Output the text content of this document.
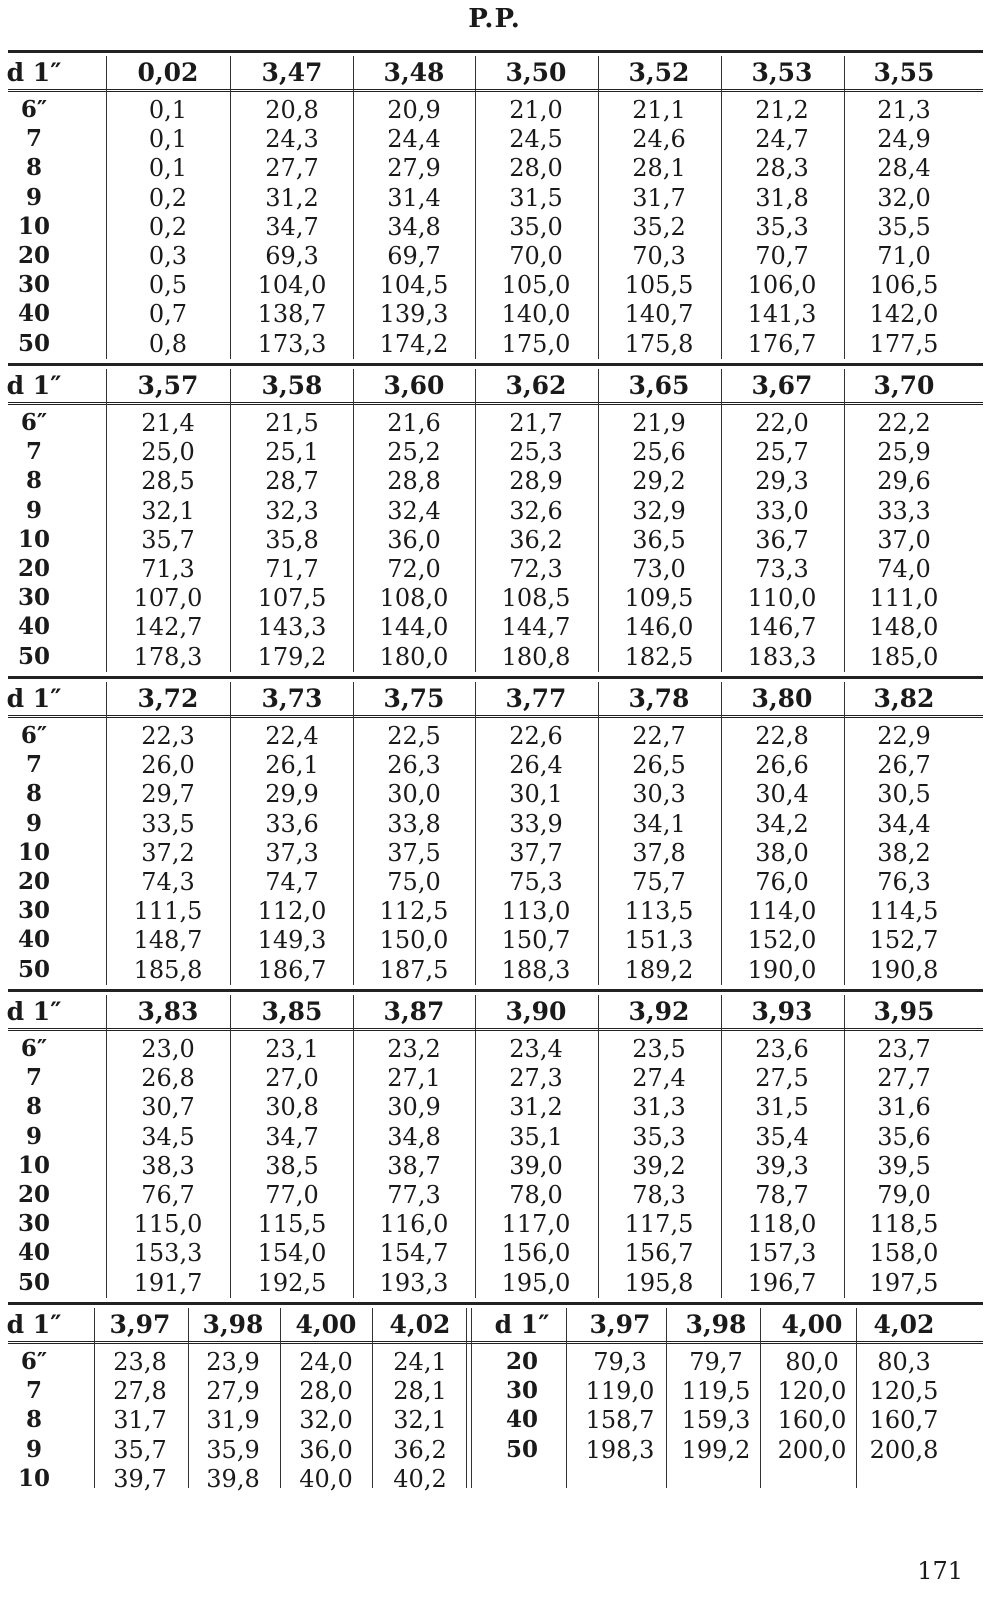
P.P.
d 1″	0,02	3,47	3,48	3,50	3,52	3,53	3,55
6″	0,1	20,8	20,9	21,0	21,1	21,2	21,3
7	0,1	24,3	24,4	24,5	24,6	24,7	24,9
8	0,1	27,7	27,9	28,0	28,1	28,3	28,4
9	0,2	31,2	31,4	31,5	31,7	31,8	32,0
10	0,2	34,7	34,8	35,0	35,2	35,3	35,5
20	0,3	69,3	69,7	70,0	70,3	70,7	71,0
30	0,5	104,0	104,5	105,0	105,5	106,0	106,5
40	0,7	138,7	139,3	140,0	140,7	141,3	142,0
50	0,8	173,3	174,2	175,0	175,8	176,7	177,5
d 1″	3,57	3,58	3,60	3,62	3,65	3,67	3,70
6″	21,4	21,5	21,6	21,7	21,9	22,0	22,2
7	25,0	25,1	25,2	25,3	25,6	25,7	25,9
8	28,5	28,7	28,8	28,9	29,2	29,3	29,6
9	32,1	32,3	32,4	32,6	32,9	33,0	33,3
10	35,7	35,8	36,0	36,2	36,5	36,7	37,0
20	71,3	71,7	72,0	72,3	73,0	73,3	74,0
30	107,0	107,5	108,0	108,5	109,5	110,0	111,0
40	142,7	143,3	144,0	144,7	146,0	146,7	148,0
50	178,3	179,2	180,0	180,8	182,5	183,3	185,0
d 1″	3,72	3,73	3,75	3,77	3,78	3,80	3,82
6″	22,3	22,4	22,5	22,6	22,7	22,8	22,9
7	26,0	26,1	26,3	26,4	26,5	26,6	26,7
8	29,7	29,9	30,0	30,1	30,3	30,4	30,5
9	33,5	33,6	33,8	33,9	34,1	34,2	34,4
10	37,2	37,3	37,5	37,7	37,8	38,0	38,2
20	74,3	74,7	75,0	75,3	75,7	76,0	76,3
30	111,5	112,0	112,5	113,0	113,5	114,0	114,5
40	148,7	149,3	150,0	150,7	151,3	152,0	152,7
50	185,8	186,7	187,5	188,3	189,2	190,0	190,8
d 1″	3,83	3,85	3,87	3,90	3,92	3,93	3,95
6″	23,0	23,1	23,2	23,4	23,5	23,6	23,7
7	26,8	27,0	27,1	27,3	27,4	27,5	27,7
8	30,7	30,8	30,9	31,2	31,3	31,5	31,6
9	34,5	34,7	34,8	35,1	35,3	35,4	35,6
10	38,3	38,5	38,7	39,0	39,2	39,3	39,5
20	76,7	77,0	77,3	78,0	78,3	78,7	79,0
30	115,0	115,5	116,0	117,0	117,5	118,0	118,5
40	153,3	154,0	154,7	156,0	156,7	157,3	158,0
50	191,7	192,5	193,3	195,0	195,8	196,7	197,5
d 1″	3,97	3,98	4,00	4,02	d 1″	3,97	3,98	4,00	4,02
6″	23,8	23,9	24,0	24,1
7	27,8	27,9	28,0	28,1
8	31,7	31,9	32,0	32,1
9	35,7	35,9	36,0	36,2
10	39,7	39,8	40,0	40,2
20	79,3	79,7	80,0	80,3
30	119,0	119,5	120,0 120,5
40	158,7	159,3	160,0 160,7
50	198,3	199,2	200,0 200,8
171
